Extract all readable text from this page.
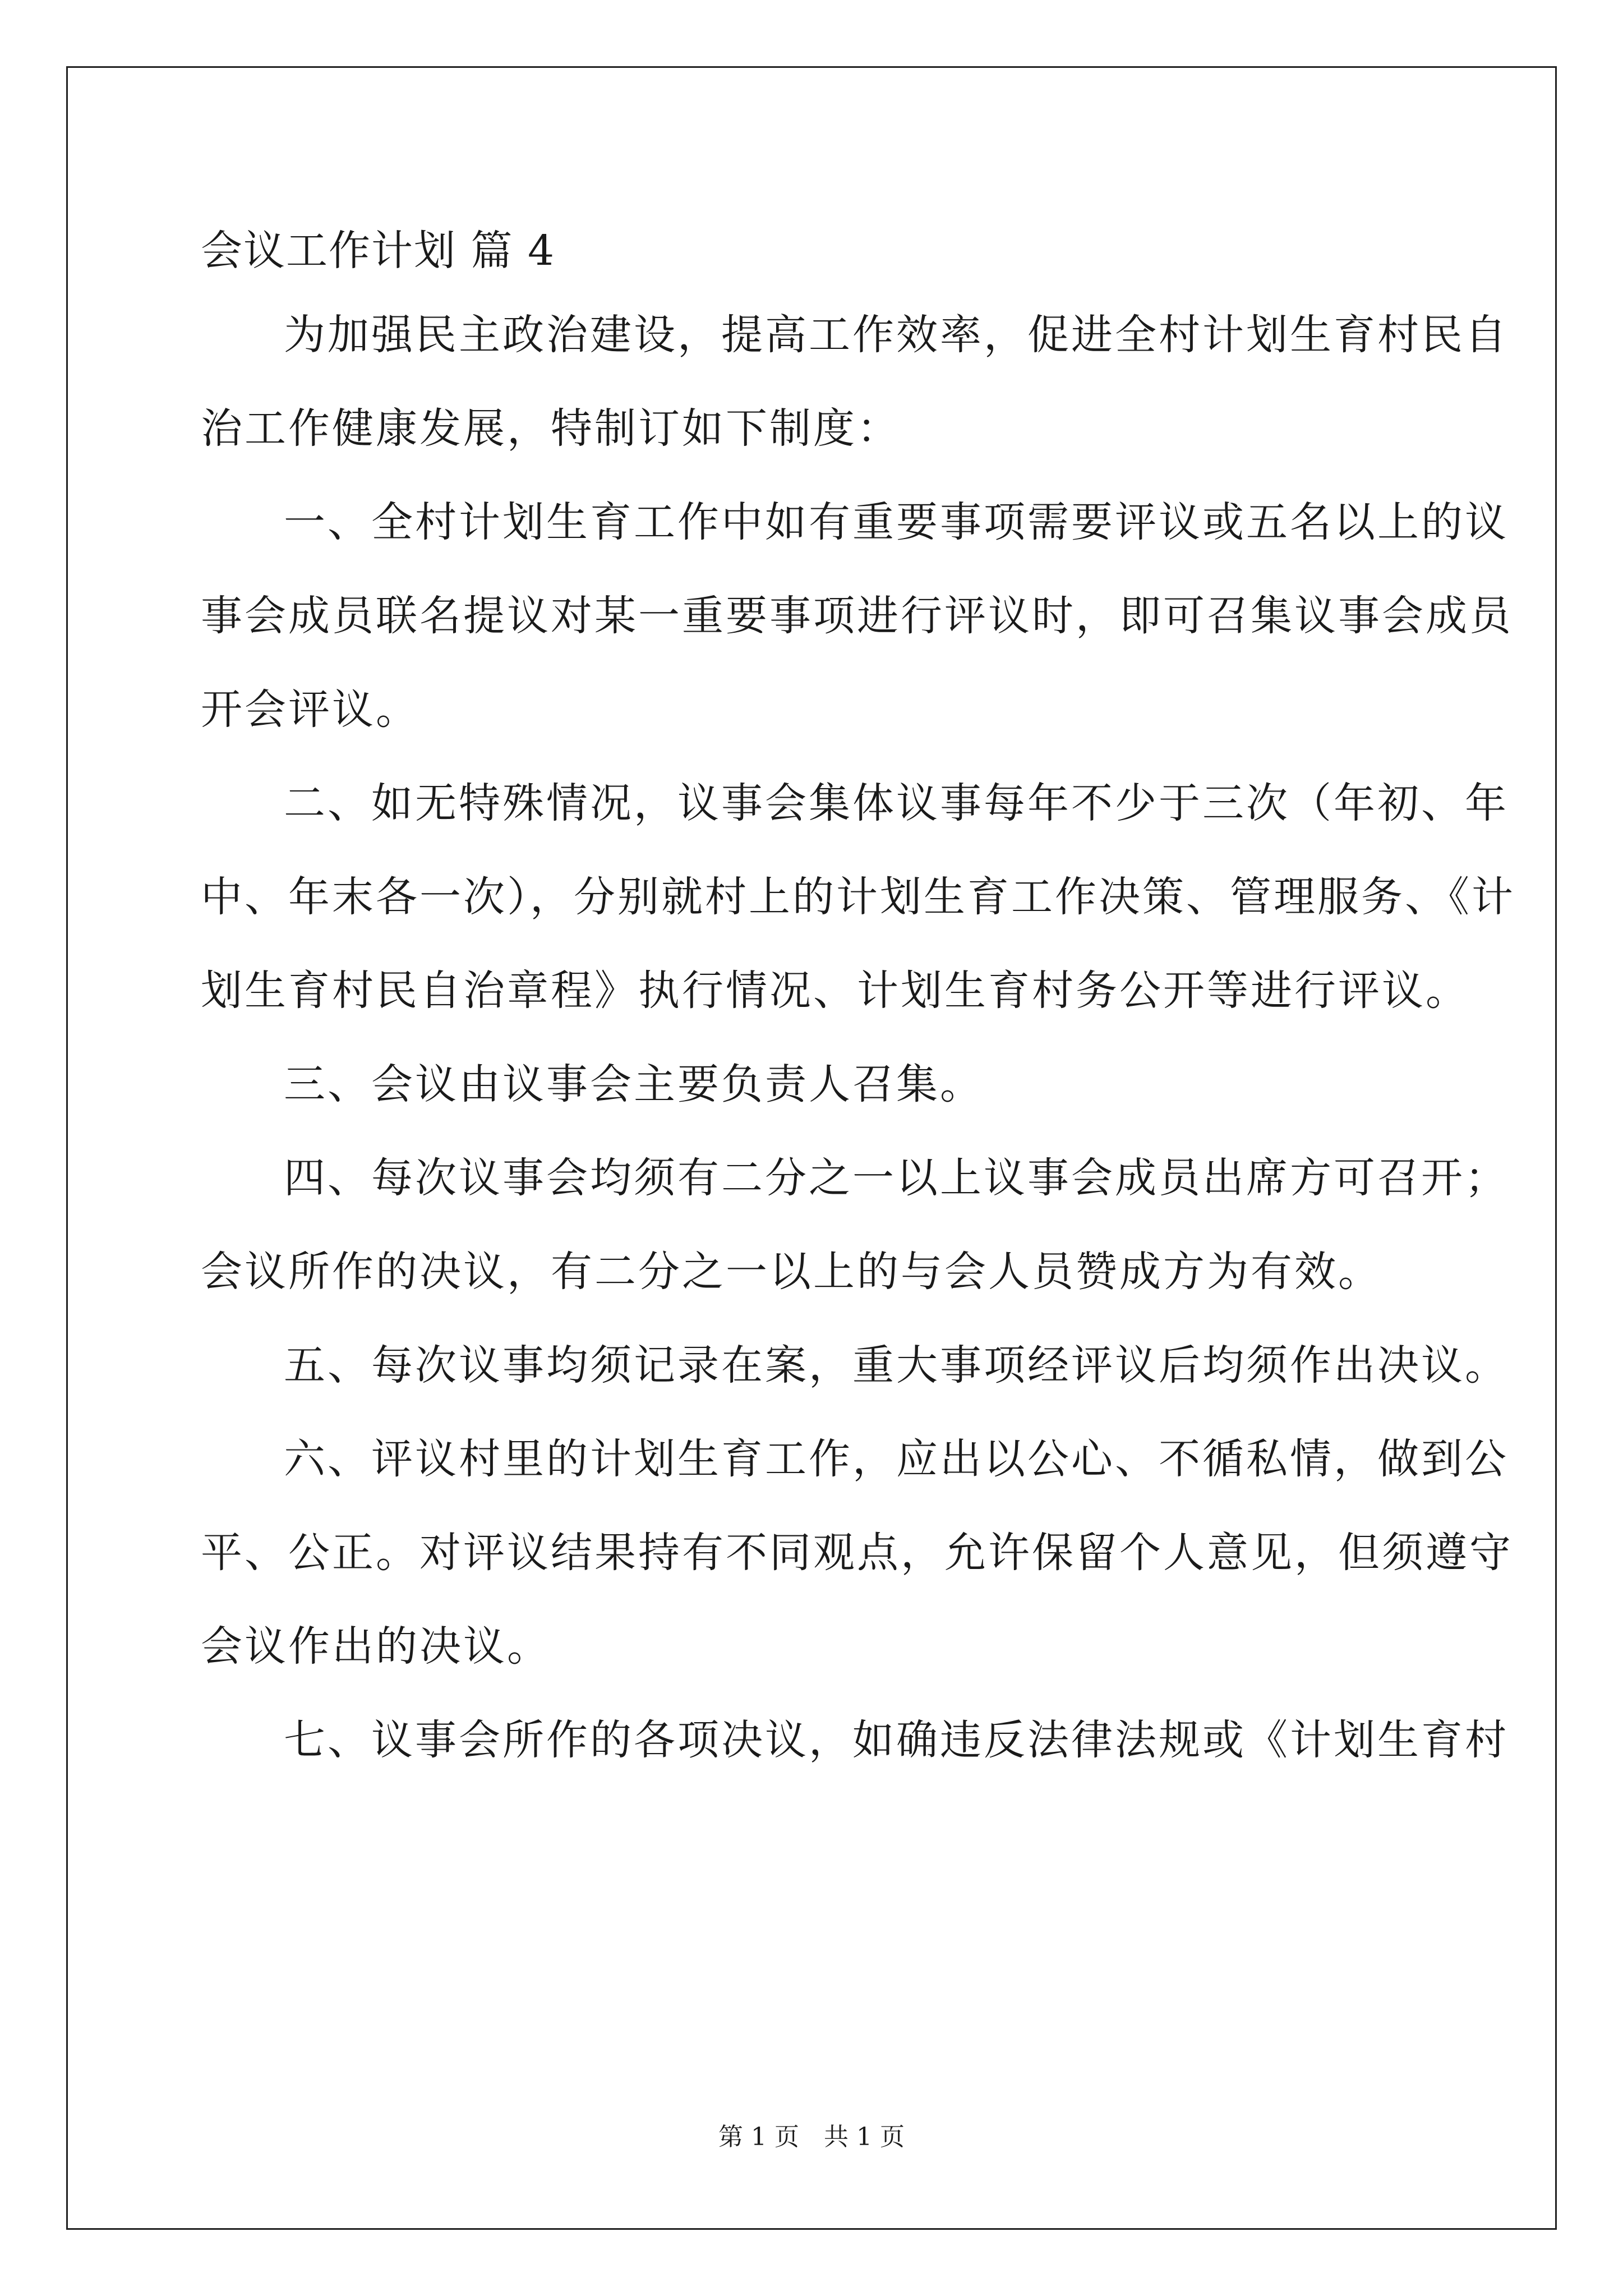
会议工作计划 篇 4

为加强民主政治建设，提高工作效率，促进全村计划生育村民自

治工作健康发展，特制订如下制度：

一、全村计划生育工作中如有重要事项需要评议或五名以上的议

事会成员联名提议对某一重要事项进行评议时，即可召集议事会成员

开会评议。

二、如无特殊情况，议事会集体议事每年不少于三次（年初、年

中、年末各一次），分别就村上的计划生育工作决策、管理服务、《计

划生育村民自治章程》执行情况、计划生育村务公开等进行评议。

三、会议由议事会主要负责人召集。

四、每次议事会均须有二分之一以上议事会成员出席方可召开；

会议所作的决议，有二分之一以上的与会人员赞成方为有效。

五、每次议事均须记录在案，重大事项经评议后均须作出决议。

六、评议村里的计划生育工作，应出以公心、不循私情，做到公

平、公正。对评议结果持有不同观点，允许保留个人意见，但须遵守

会议作出的决议。

七、议事会所作的各项决议，如确违反法律法规或《计划生育村

第 1 页　共 1 页
